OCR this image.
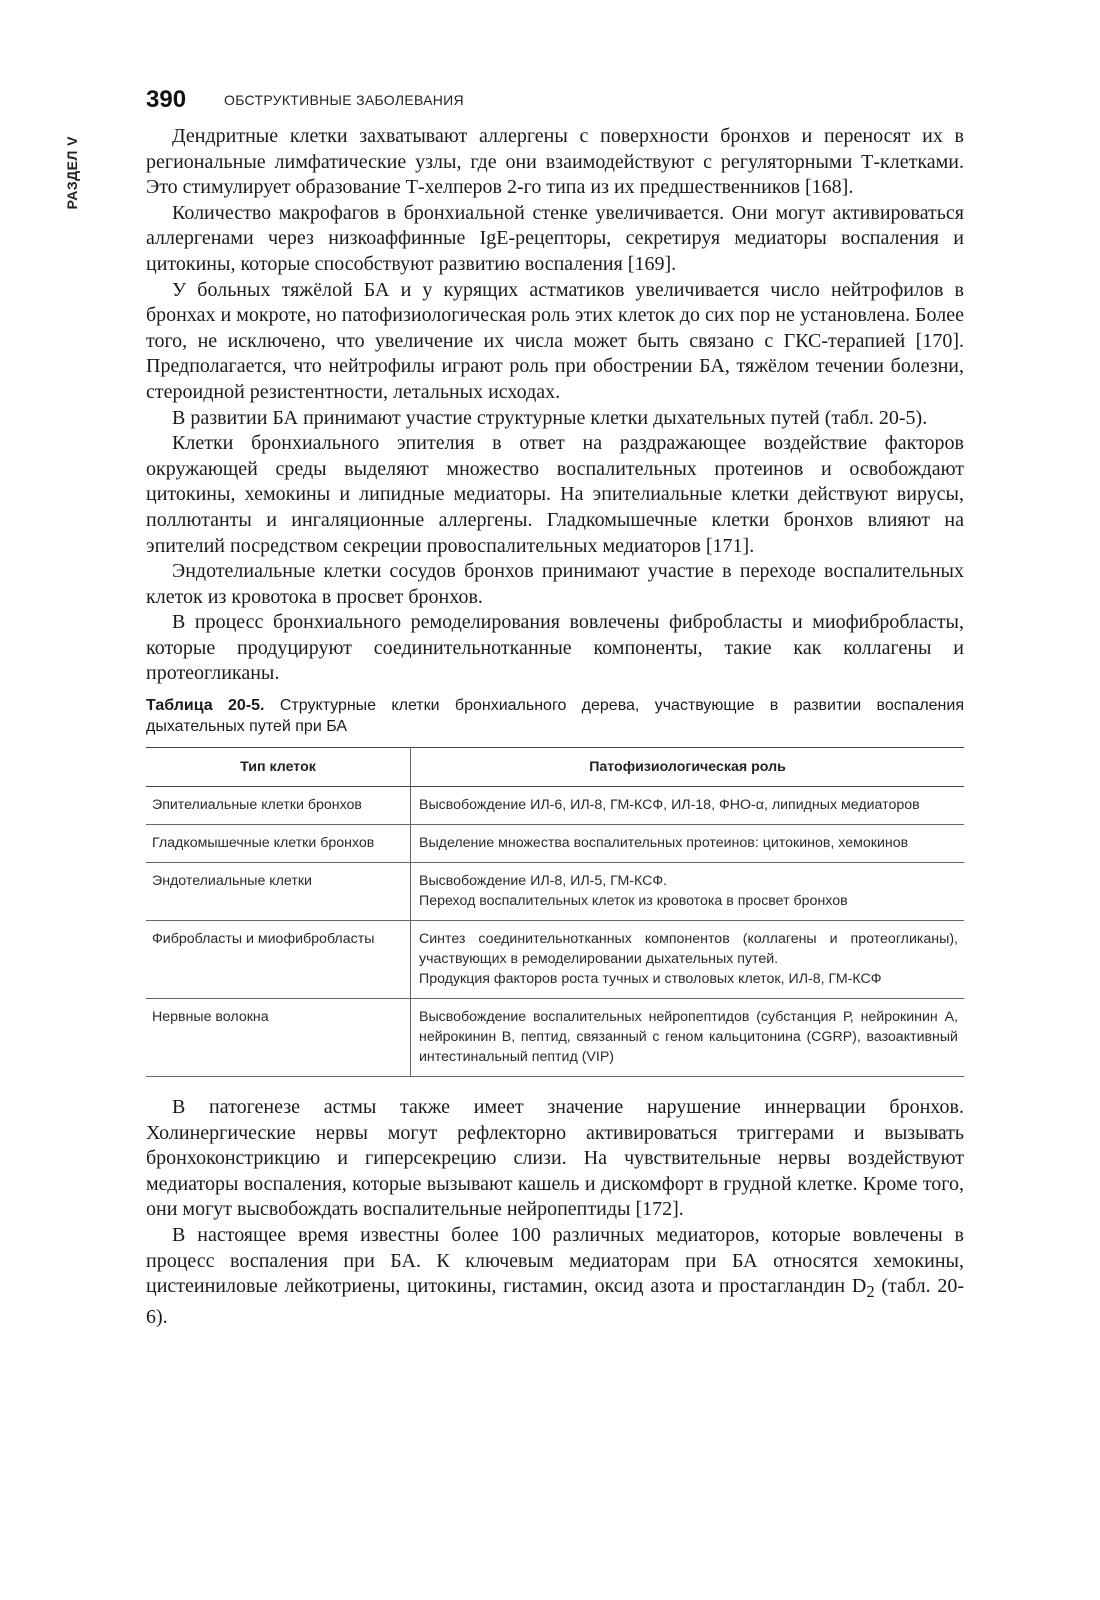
РАЗДЕЛ V
390	ОБСТРУКТИВНЫЕ ЗАБОЛЕВАНИЯ

Дендритные клетки захватывают аллергены с поверхности бронхов и переносят их в региональные лимфатические узлы, где они взаимодействуют с регуляторными Т-клетками. Это стимулирует образование Т-хелперов 2-го типа из их предшественников [168].

Количество макрофагов в бронхиальной стенке увеличивается. Они могут активироваться аллергенами через низкоаффинные IgE-рецепторы, секретируя медиаторы воспаления и цитокины, которые способствуют развитию воспаления [169].

У больных тяжёлой БА и у курящих астматиков увеличивается число нейтрофилов в бронхах и мокроте, но патофизиологическая роль этих клеток до сих пор не установлена. Более того, не исключено, что увеличение их числа может быть связано с ГКС-терапией [170]. Предполагается, что нейтрофилы играют роль при обострении БА, тяжёлом течении болезни, стероидной резистентности, летальных исходах.

В развитии БА принимают участие структурные клетки дыхательных путей (табл. 20-5).

Клетки бронхиального эпителия в ответ на раздражающее воздействие факторов окружающей среды выделяют множество воспалительных протеинов и освобождают цитокины, хемокины и липидные медиаторы. На эпителиальные клетки действуют вирусы, поллютанты и ингаляционные аллергены. Гладкомышечные клетки бронхов влияют на эпителий посредством секреции провоспалительных медиаторов [171].

Эндотелиальные клетки сосудов бронхов принимают участие в переходе воспалительных клеток из кровотока в просвет бронхов.

В процесс бронхиального ремоделирования вовлечены фибробласты и миофибробласты, которые продуцируют соединительнотканные компоненты, такие как коллагены и протеогликаны.

Таблица 20-5. Структурные клетки бронхиального дерева, участвующие в развитии воспаления дыхательных путей при БА
Тип клеток	Патофизиологическая роль
Эпителиальные клетки бронхов	Высвобождение ИЛ-6, ИЛ-8, ГМ-КСФ, ИЛ-18, ФНО-α, липидных медиаторов

Гладкомышечные клетки бронхов	Выделение множества воспалительных протеинов: цитокинов, хемокинов

Эндотелиальные клетки	Высвобождение ИЛ-8, ИЛ-5, ГМ-КСФ.
Переход воспалительных клеток из кровотока в просвет бронхов

Фибробласты и миофибробласты	Синтез соединительнотканных компонентов (коллагены и протеогликаны), участвующих в ремоделировании дыхательных путей.
Продукция факторов роста тучных и стволовых клеток, ИЛ-8, ГМ-КСФ

Нервные волокна	Высвобождение воспалительных нейропептидов (субстанция Р, нейрокинин А, нейрокинин В, пептид, связанный с геном кальцитонина (CGRP), вазоактивный интестинальный пептид (VIP)

В патогенезе астмы также имеет значение нарушение иннервации бронхов. Холинергические нервы могут рефлекторно активироваться триггерами и вызывать бронхоконстрикцию и гиперсекрецию слизи. На чувствительные нервы воздействуют медиаторы воспаления, которые вызывают кашель и дискомфорт в грудной клетке. Кроме того, они могут высвобождать воспалительные нейропептиды [172].

В настоящее время известны более 100 различных медиаторов, которые вовлечены в процесс воспаления при БА. К ключевым медиаторам при БА относятся хемокины, цистеиниловые лейкотриены, цитокины, гистамин, оксид азота и простагландин $D_2$ (табл. 20-6).
